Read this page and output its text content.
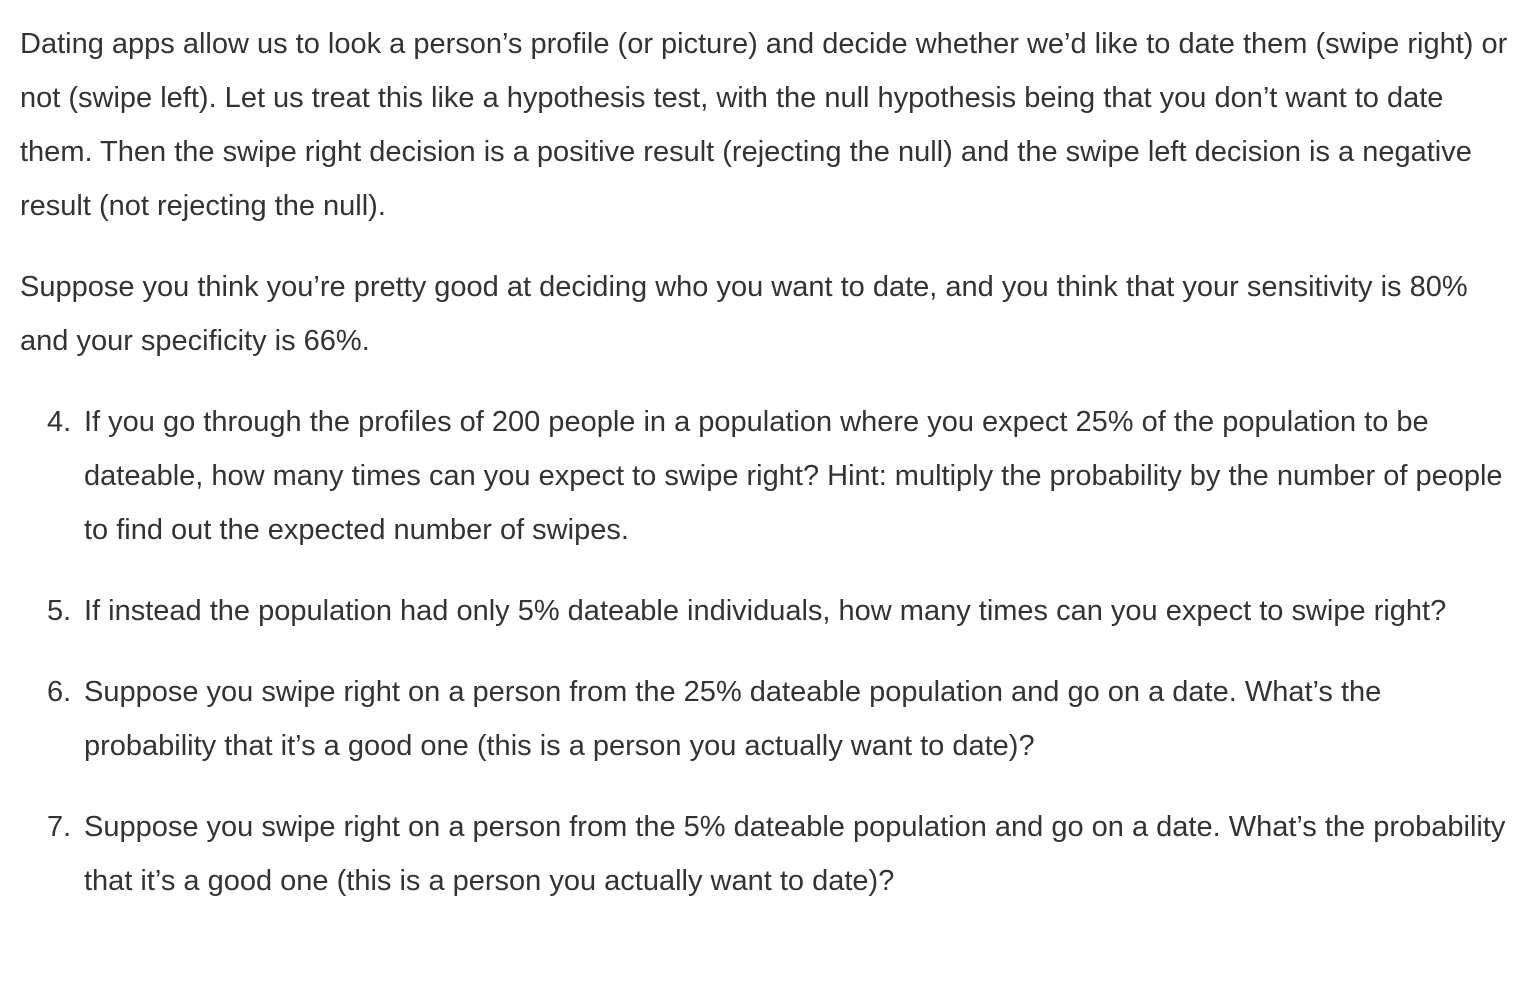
Dating apps allow us to look a person’s profile (or picture) and decide whether we’d like to date them (swipe right) or not (swipe left). Let us treat this like a hypothesis test, with the null hypothesis being that you don’t want to date them. Then the swipe right decision is a positive result (rejecting the null) and the swipe left decision is a negative result (not rejecting the null).

Suppose you think you’re pretty good at deciding who you want to date, and you think that your sensitivity is 80% and your specificity is 66%.

4. If you go through the profiles of 200 people in a population where you expect 25% of the population to be dateable, how many times can you expect to swipe right? Hint: multiply the probability by the number of people to find out the expected number of swipes.
5. If instead the population had only 5% dateable individuals, how many times can you expect to swipe right?
6. Suppose you swipe right on a person from the 25% dateable population and go on a date. What’s the probability that it’s a good one (this is a person you actually want to date)?
7. Suppose you swipe right on a person from the 5% dateable population and go on a date. What’s the probability that it’s a good one (this is a person you actually want to date)?
